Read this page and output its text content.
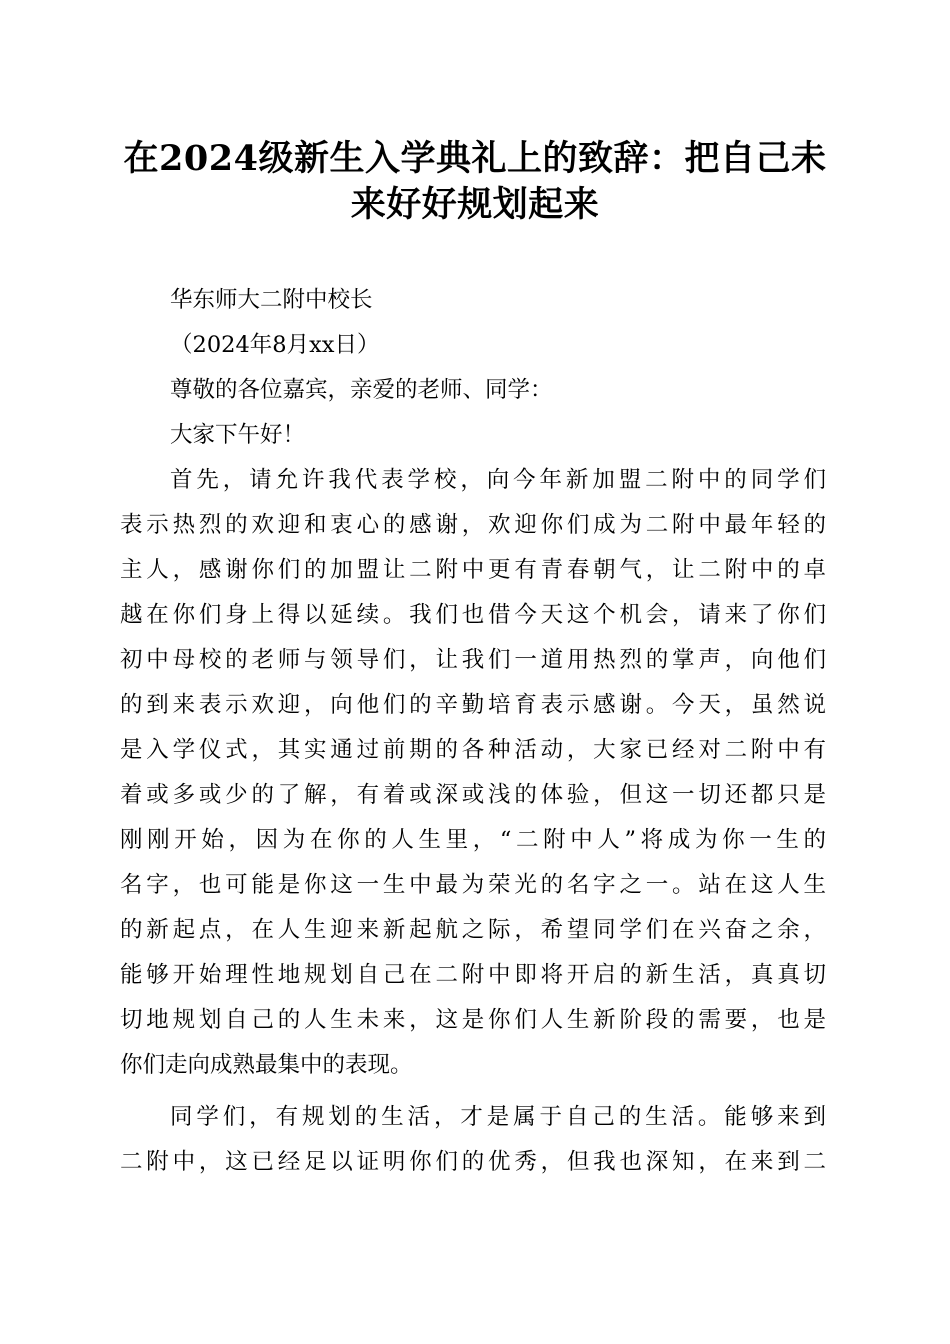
在2024级新生入学典礼上的致辞：把自己未
来好好规划起来
华东师大二附中校长
（2024年8月xx日）
尊敬的各位嘉宾，亲爱的老师、同学：
大家下午好！
首先，请允许我代表学校，向今年新加盟二附中的同学们
表示热烈的欢迎和衷心的感谢，欢迎你们成为二附中最年轻的
主人，感谢你们的加盟让二附中更有青春朝气，让二附中的卓
越在你们身上得以延续。我们也借今天这个机会，请来了你们
初中母校的老师与领导们，让我们一道用热烈的掌声，向他们
的到来表示欢迎，向他们的辛勤培育表示感谢。今天，虽然说
是入学仪式，其实通过前期的各种活动，大家已经对二附中有
着或多或少的了解，有着或深或浅的体验，但这一切还都只是
刚刚开始，因为在你的人生里，“二附中人”将成为你一生的
名字，也可能是你这一生中最为荣光的名字之一。站在这人生
的新起点，在人生迎来新起航之际，希望同学们在兴奋之余，
能够开始理性地规划自己在二附中即将开启的新生活，真真切
切地规划自己的人生未来，这是你们人生新阶段的需要，也是
你们走向成熟最集中的表现。
同学们，有规划的生活，才是属于自己的生活。能够来到
二附中，这已经足以证明你们的优秀，但我也深知，在来到二
